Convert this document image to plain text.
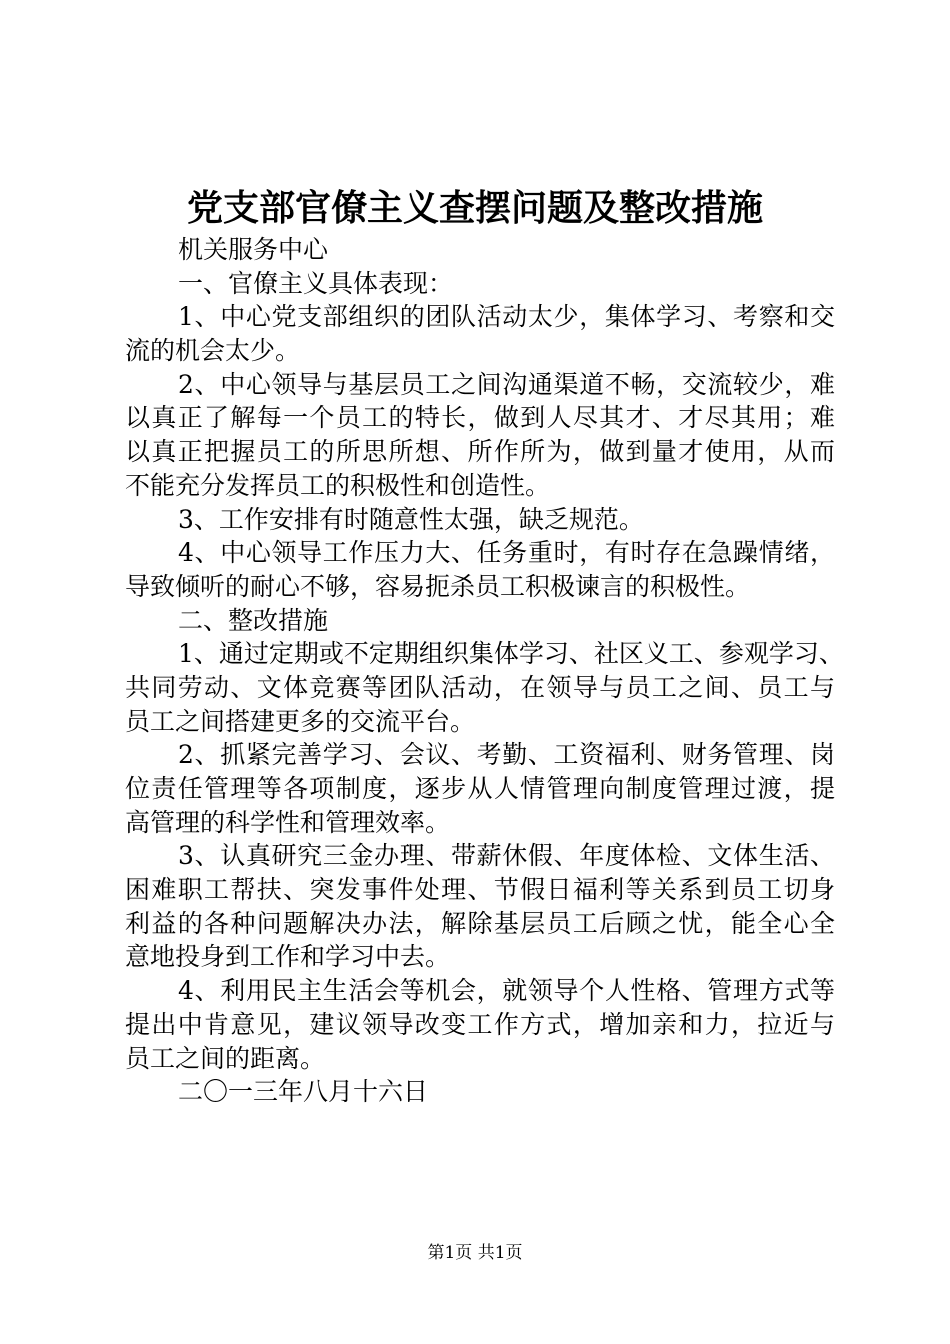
党支部官僚主义查摆问题及整改措施
机关服务中心
一、官僚主义具体表现：
1、中心党支部组织的团队活动太少，集体学习、考察和交
流的机会太少。
2、中心领导与基层员工之间沟通渠道不畅，交流较少，难
以真正了解每一个员工的特长，做到人尽其才、才尽其用；难
以真正把握员工的所思所想、所作所为，做到量才使用，从而
不能充分发挥员工的积极性和创造性。
3、工作安排有时随意性太强，缺乏规范。
4、中心领导工作压力大、任务重时，有时存在急躁情绪，
导致倾听的耐心不够，容易扼杀员工积极谏言的积极性。
二、整改措施
1、通过定期或不定期组织集体学习、社区义工、参观学习、
共同劳动、文体竞赛等团队活动，在领导与员工之间、员工与
员工之间搭建更多的交流平台。
2、抓紧完善学习、会议、考勤、工资福利、财务管理、岗
位责任管理等各项制度，逐步从人情管理向制度管理过渡，提
高管理的科学性和管理效率。
3、认真研究三金办理、带薪休假、年度体检、文体生活、
困难职工帮扶、突发事件处理、节假日福利等关系到员工切身
利益的各种问题解决办法，解除基层员工后顾之忧，能全心全
意地投身到工作和学习中去。
4、利用民主生活会等机会，就领导个人性格、管理方式等
提出中肯意见，建议领导改变工作方式，增加亲和力，拉近与
员工之间的距离。
二〇一三年八月十六日
第1页 共1页
